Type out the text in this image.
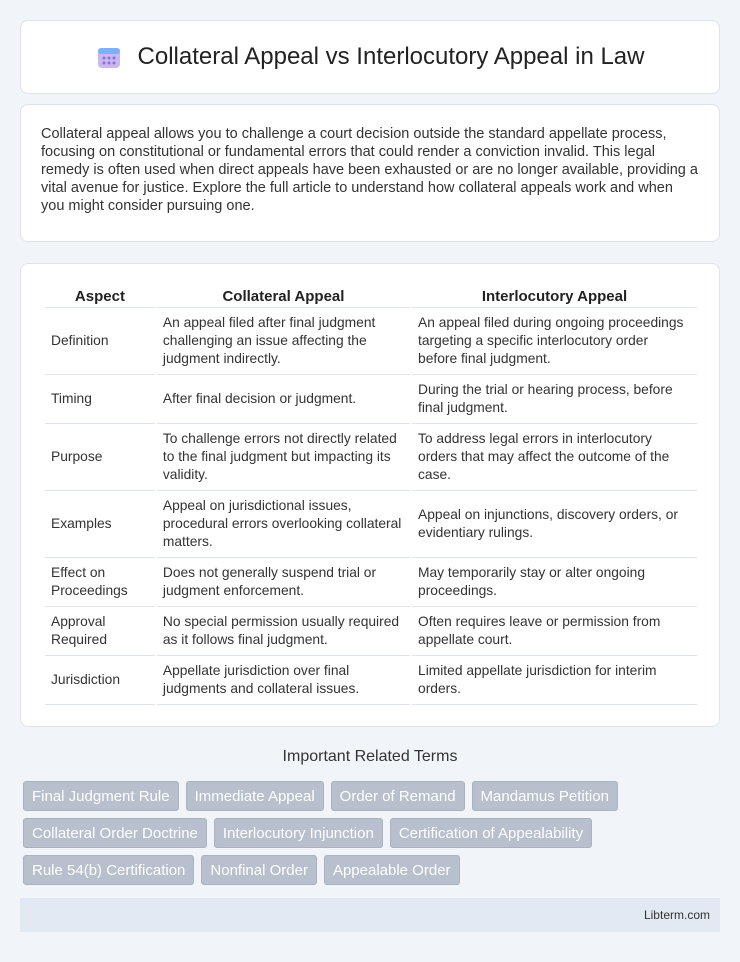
Collateral Appeal vs Interlocutory Appeal in Law

Collateral appeal allows you to challenge a court decision outside the standard appellate process, focusing on constitutional or fundamental errors that could render a conviction invalid. This legal remedy is often used when direct appeals have been exhausted or are no longer available, providing a vital avenue for justice. Explore the full article to understand how collateral appeals work and when you might consider pursuing one.

Aspect	Collateral Appeal	Interlocutory Appeal
Definition	An appeal filed after final judgment challenging an issue affecting the judgment indirectly.	An appeal filed during ongoing proceedings targeting a specific interlocutory order before final judgment.
Timing	After final decision or judgment.	During the trial or hearing process, before final judgment.
Purpose	To challenge errors not directly related to the final judgment but impacting its validity.	To address legal errors in interlocutory orders that may affect the outcome of the case.
Examples	Appeal on jurisdictional issues, procedural errors overlooking collateral matters.	Appeal on injunctions, discovery orders, or evidentiary rulings.
Effect on Proceedings	Does not generally suspend trial or judgment enforcement.	May temporarily stay or alter ongoing proceedings.
Approval Required	No special permission usually required as it follows final judgment.	Often requires leave or permission from appellate court.
Jurisdiction	Appellate jurisdiction over final judgments and collateral issues.	Limited appellate jurisdiction for interim orders.
Important Related Terms
Final Judgment Rule	Immediate Appeal	Order of Remand	Mandamus Petition
Collateral Order Doctrine	Interlocutory Injunction	Certification of Appealability
Rule 54(b) Certification	Nonfinal Order	Appealable Order
Libterm.com
